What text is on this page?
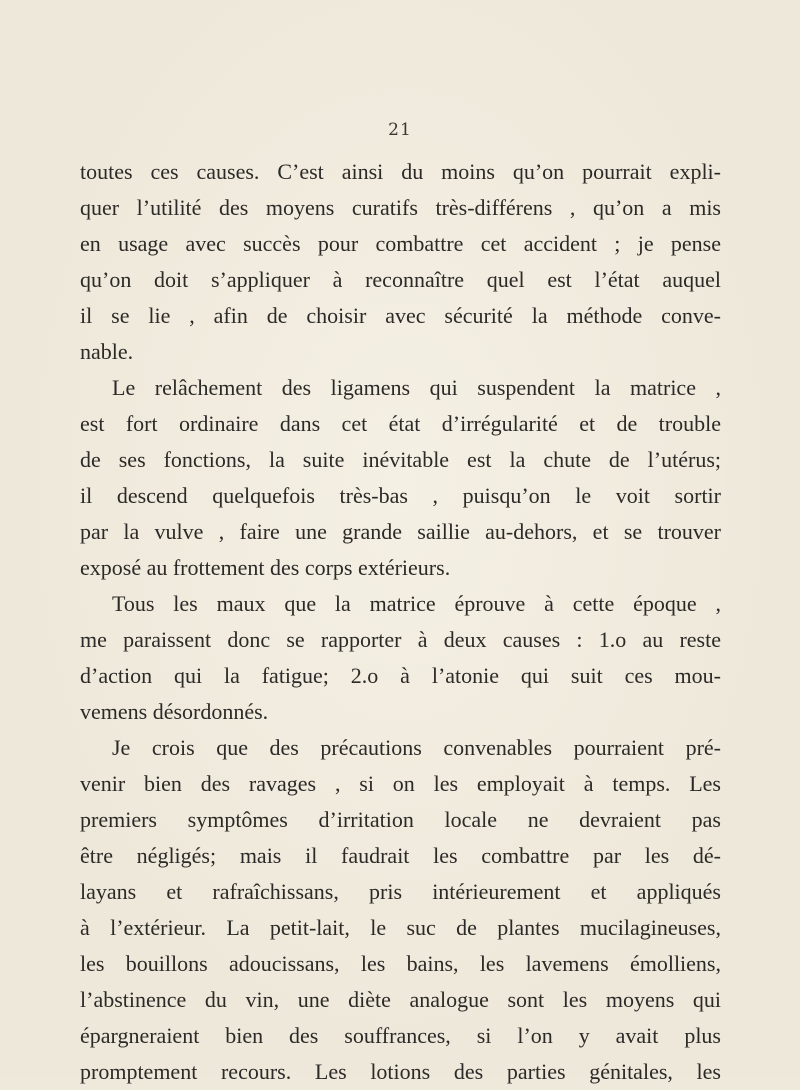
21
toutes ces causes. C’est ainsi du moins qu’on pourrait expli-
quer l’utilité des moyens curatifs très-différens , qu’on a mis
en usage avec succès pour combattre cet accident ; je pense
qu’on doit s’appliquer à reconnaître quel est l’état auquel
il se lie , afin de choisir avec sécurité la méthode conve-
nable.
Le relâchement des ligamens qui suspendent la matrice ,
est fort ordinaire dans cet état d’irrégularité et de trouble
de ses fonctions, la suite inévitable est la chute de l’utérus;
il descend quelquefois très-bas , puisqu’on le voit sortir
par la vulve , faire une grande saillie au-dehors, et se trouver
exposé au frottement des corps extérieurs.
Tous les maux que la matrice éprouve à cette époque ,
me paraissent donc se rapporter à deux causes : 1.o au reste
d’action qui la fatigue; 2.o à l’atonie qui suit ces mou-
vemens désordonnés.
Je crois que des précautions convenables pourraient pré-
venir bien des ravages , si on les employait à temps. Les
premiers symptômes d’irritation locale ne devraient pas
être négligés; mais il faudrait les combattre par les dé-
layans et rafraîchissans, pris intérieurement et appliqués
à l’extérieur. La petit-lait, le suc de plantes mucilagineuses,
les bouillons adoucissans, les bains, les lavemens émolliens,
l’abstinence du vin, une diète analogue sont les moyens qui
épargneraient bien des souffrances, si l’on y avait plus
promptement recours. Les lotions des parties génitales, les
